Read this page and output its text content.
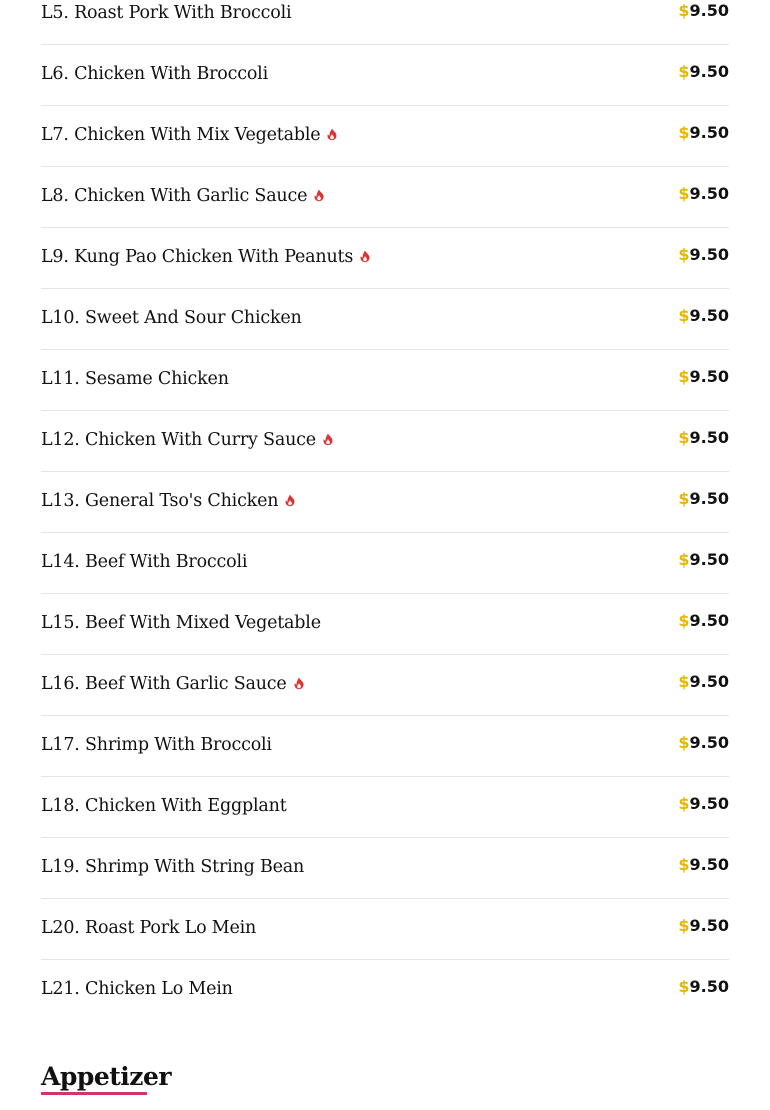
L5. Roast Pork With Broccoli	$9.50
L6. Chicken With Broccoli	$9.50
L7. Chicken With Mix Vegetable	$9.50
L8. Chicken With Garlic Sauce	$9.50
L9. Kung Pao Chicken With Peanuts	$9.50
L10. Sweet And Sour Chicken	$9.50
L11. Sesame Chicken	$9.50
L12. Chicken With Curry Sauce	$9.50
L13. General Tso's Chicken	$9.50
L14. Beef With Broccoli	$9.50
L15. Beef With Mixed Vegetable	$9.50
L16. Beef With Garlic Sauce	$9.50
L17. Shrimp With Broccoli	$9.50
L18. Chicken With Eggplant	$9.50
L19. Shrimp With String Bean	$9.50
L20. Roast Pork Lo Mein	$9.50
L21. Chicken Lo Mein	$9.50
Appetizer
